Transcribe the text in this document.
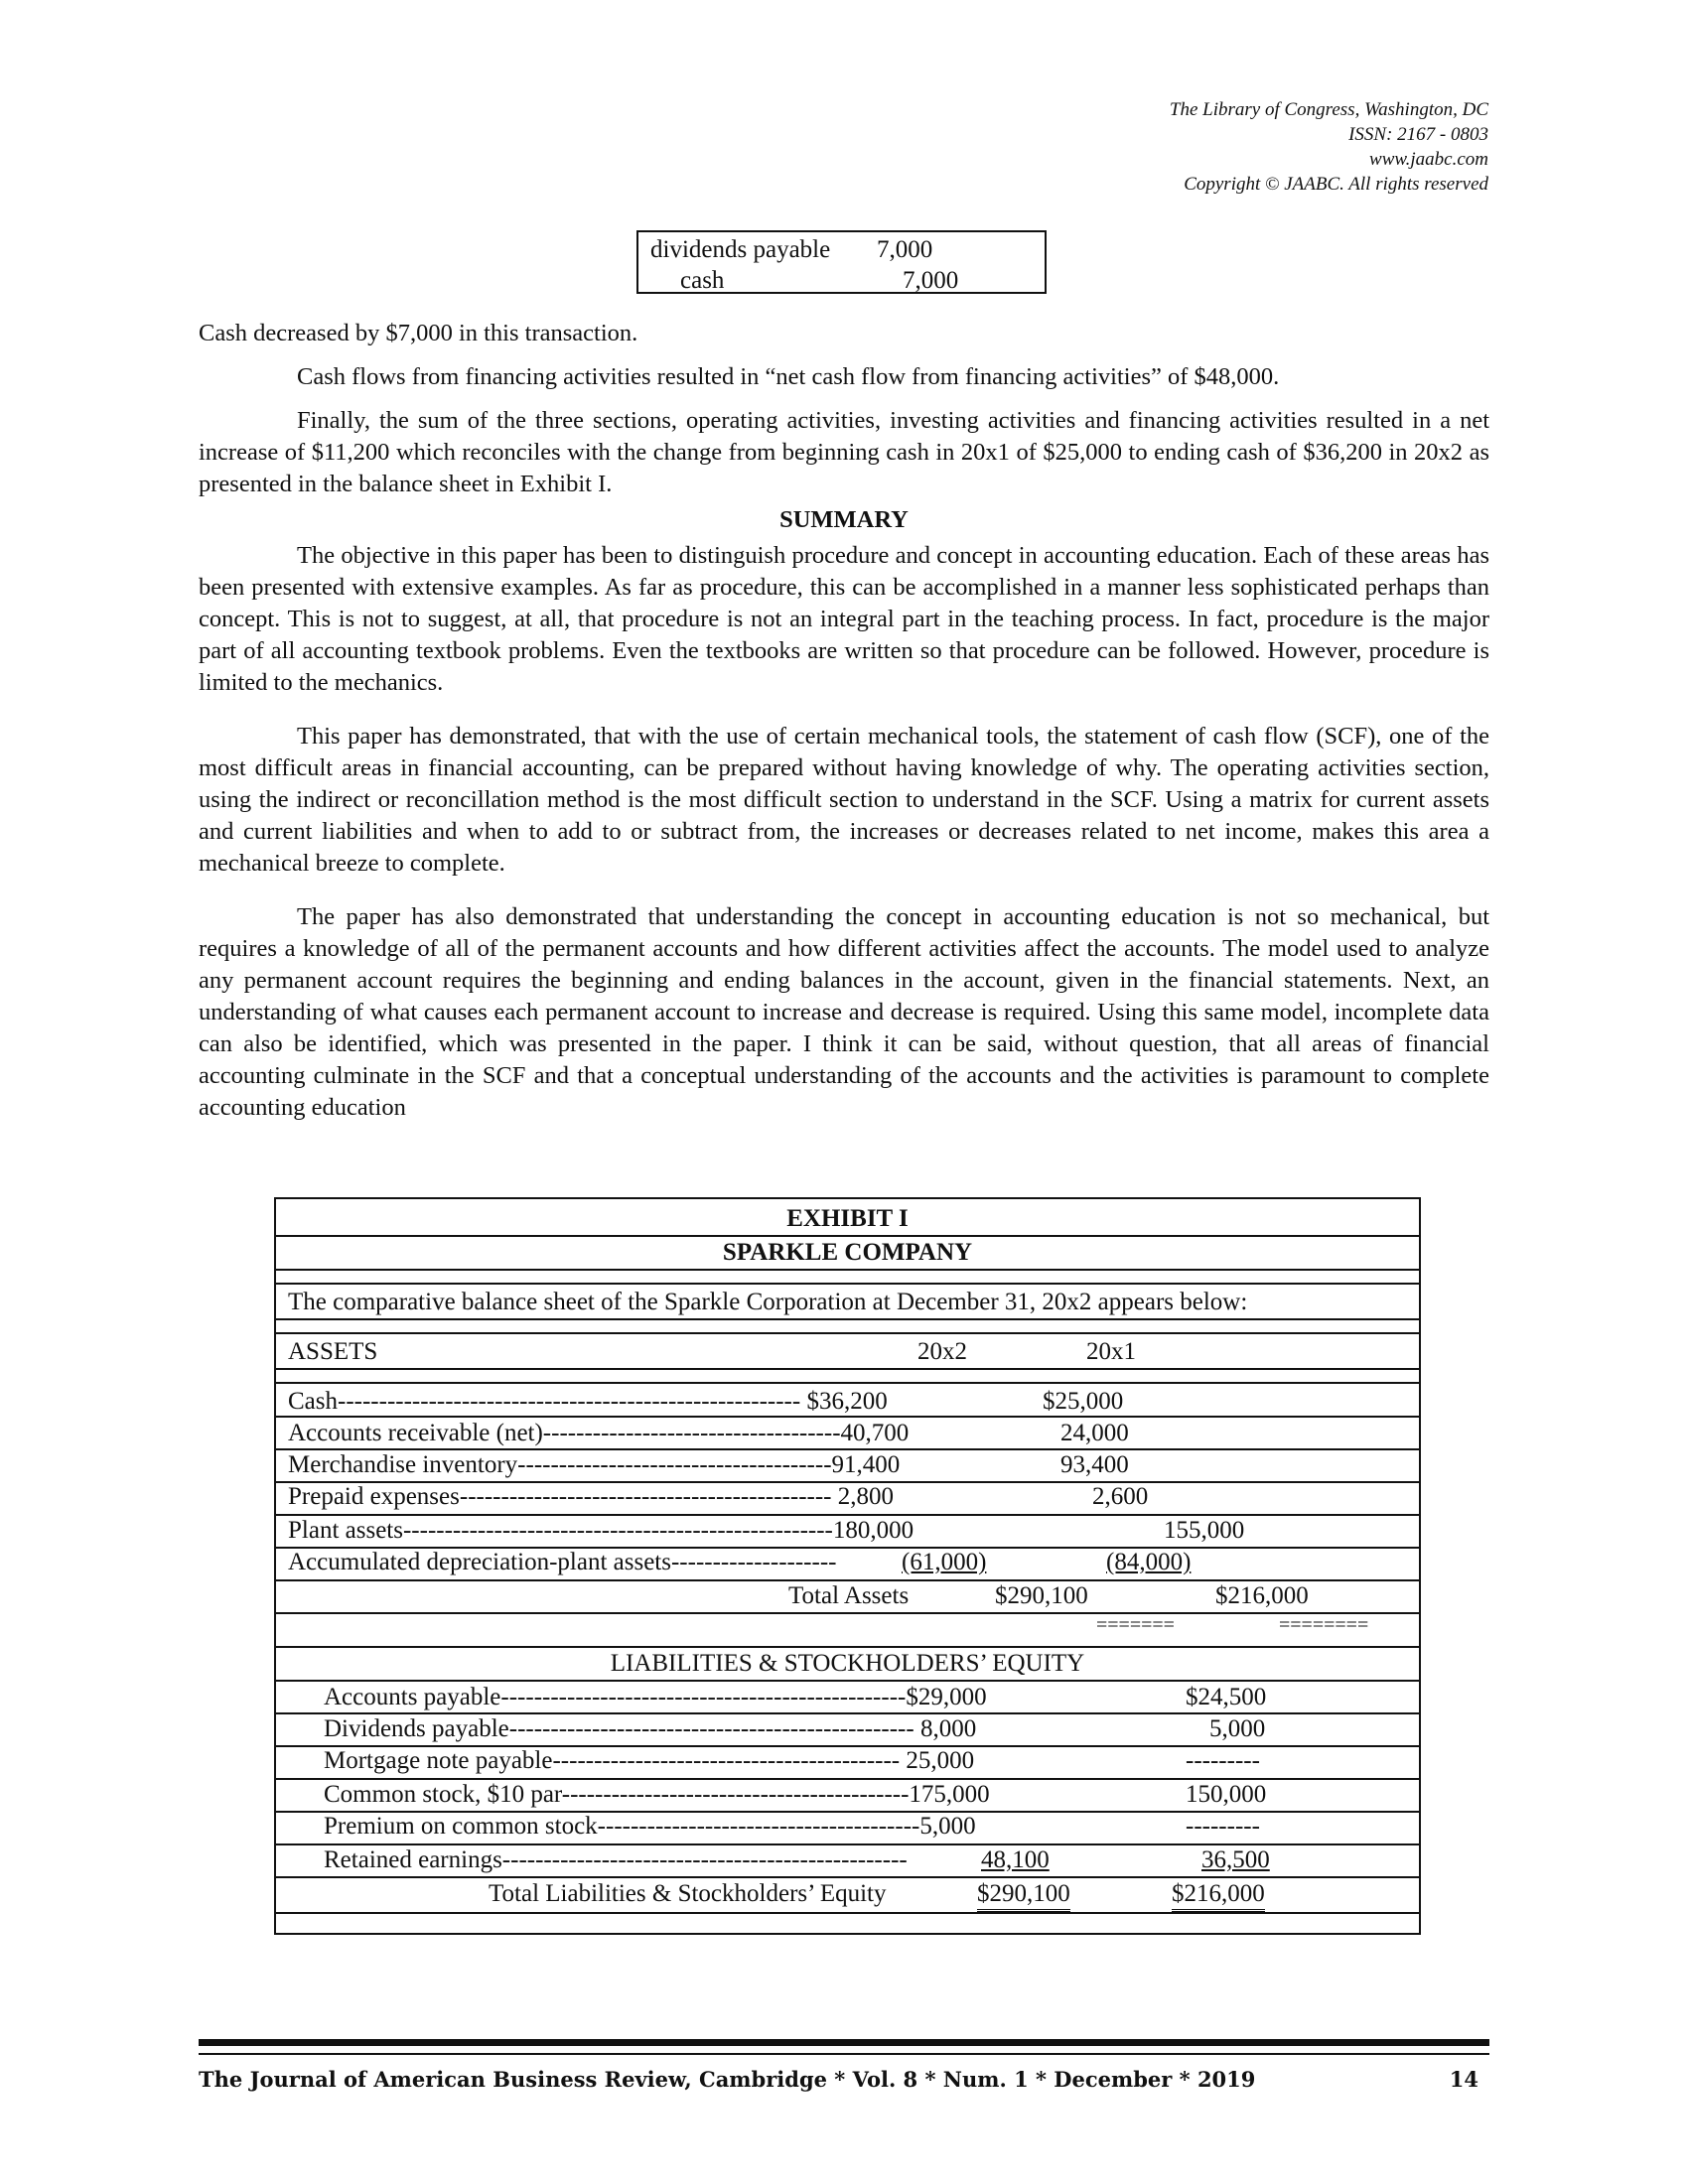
The Library of Congress, Washington, DC
ISSN: 2167 - 0803
www.jaabc.com
Copyright © JAABC. All rights reserved
dividends payable 7,000
cash	7,000

Cash decreased by $7,000 in this transaction.

Cash flows from financing activities resulted in “net cash flow from financing activities” of $48,000.

Finally, the sum of the three sections, operating activities, investing activities and financing activities resulted in a net increase of $11,200 which reconciles with the change from beginning cash in 20x1 of $25,000 to ending cash of $36,200 in 20x2 as presented in the balance sheet in Exhibit I.

SUMMARY

The objective in this paper has been to distinguish procedure and concept in accounting education. Each of these areas has been presented with extensive examples. As far as procedure, this can be accomplished in a manner less sophisticated perhaps than concept. This is not to suggest, at all, that procedure is not an integral part in the teaching process. In fact, procedure is the major part of all accounting textbook problems. Even the textbooks are written so that procedure can be followed. However, procedure is limited to the mechanics.

This paper has demonstrated, that with the use of certain mechanical tools, the statement of cash flow (SCF), one of the most difficult areas in financial accounting, can be prepared without having knowledge of why. The operating activities section, using the indirect or reconcillation method is the most difficult section to understand in the SCF. Using a matrix for current assets and current liabilities and when to add to or subtract from, the increases or decreases related to net income, makes this area a mechanical breeze to complete.

The paper has also demonstrated that understanding the concept in accounting education is not so mechanical, but requires a knowledge of all of the permanent accounts and how different activities affect the accounts. The model used to analyze any permanent account requires the beginning and ending balances in the account, given in the financial statements. Next, an understanding of what causes each permanent account to increase and decrease is required. Using this same model, incomplete data can also be identified, which was presented in the paper. I think it can be said, without question, that all areas of financial accounting culminate in the SCF and that a conceptual understanding of the accounts and the activities is paramount to complete accounting education

EXHIBIT I
SPARKLE COMPANY
The comparative balance sheet of the Sparkle Corporation at December 31, 20x2 appears below:
ASSETS	20x2	20x1
Cash-------------------------------------------------------- $36,200	$25,000
Accounts receivable (net)------------------------------------40,700	24,000
Merchandise inventory--------------------------------------91,400	93,400
Prepaid expenses--------------------------------------------- 2,800	2,600
Plant assets----------------------------------------------------180,000	155,000
Accumulated depreciation-plant assets--------------------	(61,000)	(84,000)
Total Assets	$290,100	$216,000
=======	========
LIABILITIES & STOCKHOLDERS’ EQUITY
Accounts payable-------------------------------------------------$29,000	$24,500
Dividends payable------------------------------------------------- 8,000	5,000
Mortgage note payable------------------------------------------ 25,000	---------
Common stock, $10 par------------------------------------------175,000	150,000
Premium on common stock---------------------------------------5,000	---------
Retained earnings-------------------------------------------------	48,100	36,500
Total Liabilities & Stockholders’ Equity	$290,100	$216,000
The Journal of American Business Review, Cambridge * Vol. 8 * Num. 1 * December * 2019	14
